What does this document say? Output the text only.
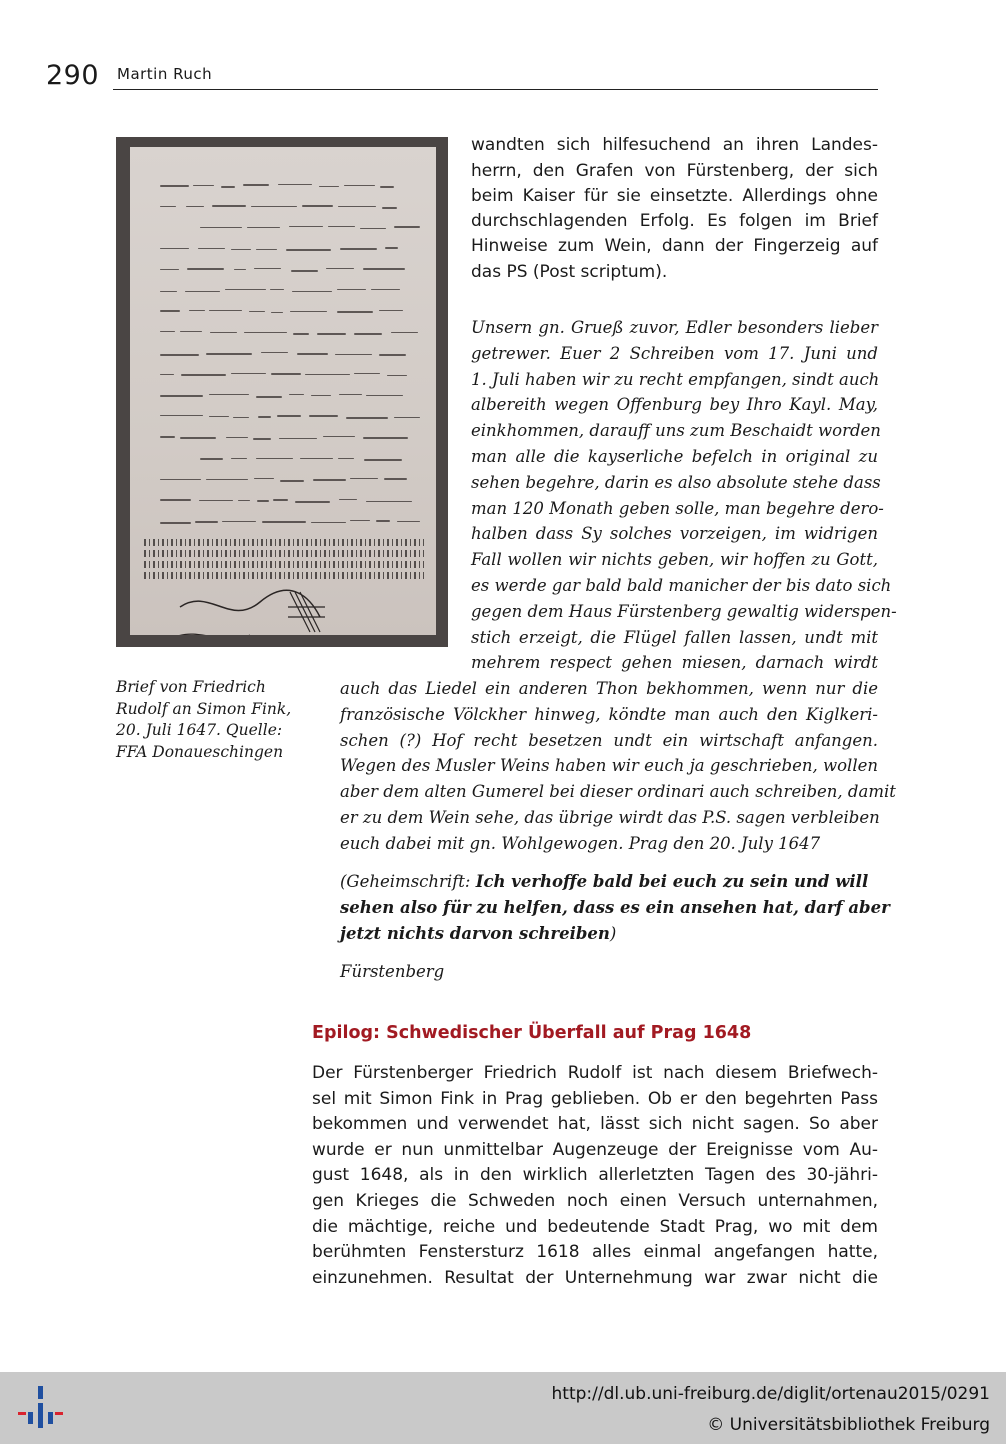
290 Martin Ruch
Brief von Friedrich
Rudolf an Simon Fink,
20. Juli 1647. Quelle:
FFA Donaueschingen
wandten sich hilfesuchend an ihren Landes-
herrn, den Grafen von Fürstenberg, der sich
beim Kaiser für sie einsetzte. Allerdings ohne
durchschlagenden Erfolg. Es folgen im Brief
Hinweise zum Wein, dann der Fingerzeig auf
das PS (Post scriptum).
Unsern gn. Grueß zuvor, Edler besonders lieber
getrewer. Euer 2 Schreiben vom 17. Juni und
1. Juli haben wir zu recht empfangen, sindt auch
albereith wegen Offenburg bey Ihro Kayl. May,
einkhommen, darauff uns zum Beschaidt worden
man alle die kayserliche befelch in original zu
sehen begehre, darin es also absolute stehe dass
man 120 Monath geben solle, man begehre dero-
halben dass Sy solches vorzeigen, im widrigen
Fall wollen wir nichts geben, wir hoffen zu Gott,
es werde gar bald bald manicher der bis dato sich
gegen dem Haus Fürstenberg gewaltig widerspen-
stich erzeigt, die Flügel fallen lassen, undt mit
mehrem respect gehen miesen, darnach wirdt
auch das Liedel ein anderen Thon bekhommen, wenn nur die
französische Völckher hinweg, köndte man auch den Kiglkeri-
schen (?) Hof recht besetzen undt ein wirtschaft anfangen.
Wegen des Musler Weins haben wir euch ja geschrieben, wollen
aber dem alten Gumerel bei dieser ordinari auch schreiben, damit
er zu dem Wein sehe, das übrige wirdt das P.S. sagen verbleiben
euch dabei mit gn. Wohlgewogen. Prag den 20. July 1647
(Geheimschrift: Ich verhoffe bald bei euch zu sein und will
sehen also für zu helfen, dass es ein ansehen hat, darf aber
jetzt nichts darvon schreiben)
Fürstenberg
Epilog: Schwedischer Überfall auf Prag 1648
Der Fürstenberger Friedrich Rudolf ist nach diesem Briefwech-
sel mit Simon Fink in Prag geblieben. Ob er den begehrten Pass
bekommen und verwendet hat, lässt sich nicht sagen. So aber
wurde er nun unmittelbar Augenzeuge der Ereignisse vom Au-
gust 1648, als in den wirklich allerletzten Tagen des 30-jähri-
gen Krieges die Schweden noch einen Versuch unternahmen,
die mächtige, reiche und bedeutende Stadt Prag, wo mit dem
berühmten Fenstersturz 1618 alles einmal angefangen hatte,
einzunehmen. Resultat der Unternehmung war zwar nicht die
http://dl.ub.uni-freiburg.de/diglit/ortenau2015/0291
© Universitätsbibliothek Freiburg
